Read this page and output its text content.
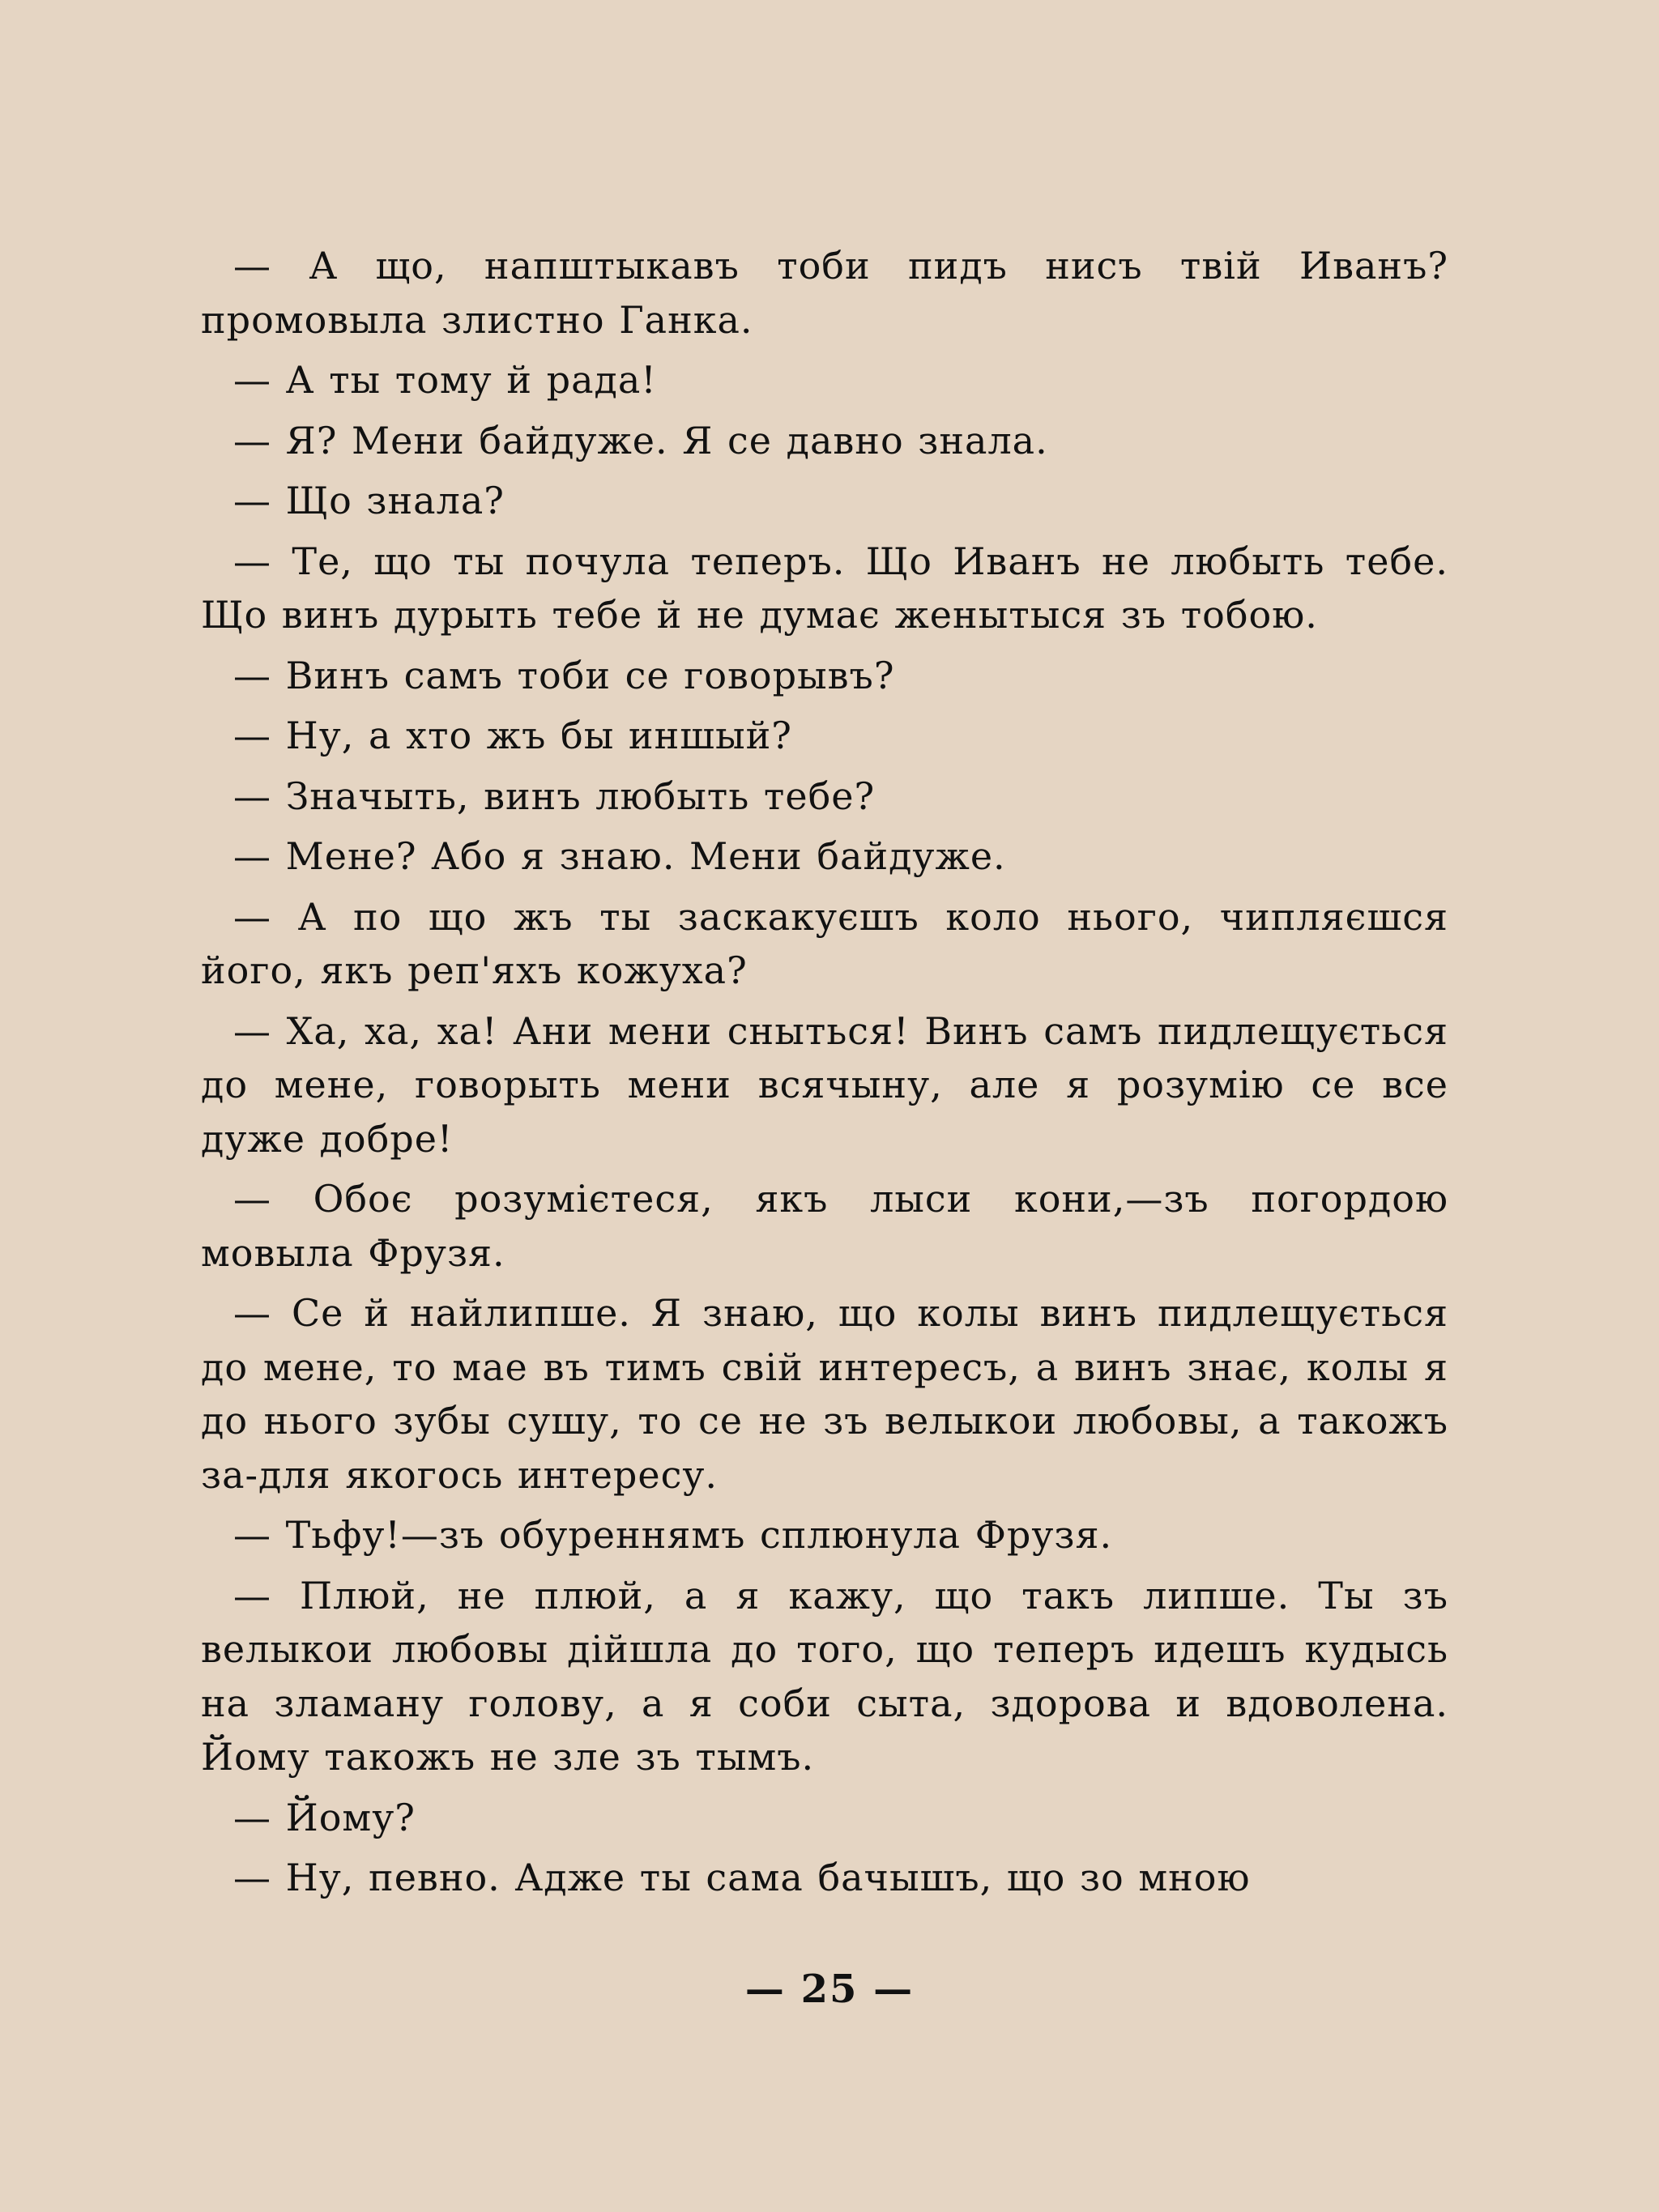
— А що, напштыкавъ тоби пидъ нисъ твій Иванъ? промовыла злистно Ганка.

— А ты тому й рада!

— Я? Мени байдуже. Я се давно знала.

— Що знала?

— Те, що ты почула теперъ. Що Иванъ не любыть тебе. Що винъ дурыть тебе й не думає женытыся зъ тобою.

— Винъ самъ тоби се говорывъ?

— Ну, а хто жъ бы иншый?

— Значыть, винъ любыть тебе?

— Мене? Або я знаю. Мени байдуже.

— А по що жъ ты заскакуєшъ коло нього, чипляєшся його, якъ реп'яхъ кожуха?

— Ха, ха, ха! Ани мени сныться! Винъ самъ пидлещується до мене, говорыть мени всячыну, але я розумію се все дуже добре!

— Обоє розумієтеся, якъ лыси кони,—зъ погордою мовыла Фрузя.

— Се й найлипше. Я знаю, що колы винъ пидлещується до мене, то мае въ тимъ свій интересъ, а винъ знає, колы я до нього зубы сушу, то се не зъ велыкои любовы, а такожъ за-для якогось интересу.

— Тьфу!—зъ обуреннямъ сплюнула Фрузя.

— Плюй, не плюй, а я кажу, що такъ липше. Ты зъ велыкои любовы дійшла до того, що теперъ идешъ кудысь на зламану голову, а я соби сыта, здорова и вдоволена. Йому такожъ не зле зъ тымъ.

— Йому?

— Ну, певно. Адже ты сама бачышъ, що зо мною

— 25 —
